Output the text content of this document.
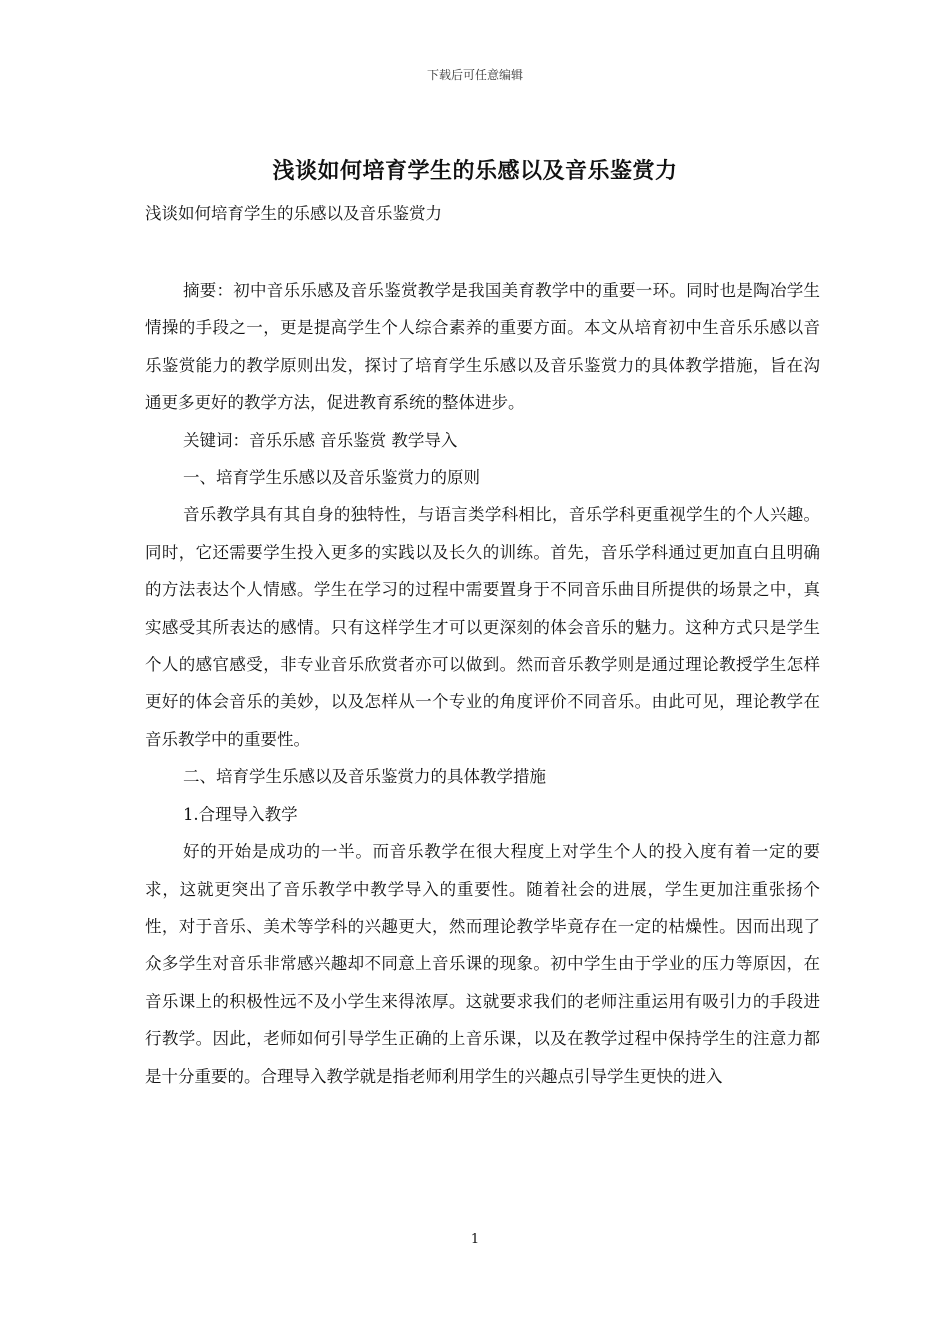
下载后可任意编辑
浅谈如何培育学生的乐感以及音乐鉴赏力
浅谈如何培育学生的乐感以及音乐鉴赏力

摘要：初中音乐乐感及音乐鉴赏教学是我国美育教学中的重要一环。同时也是陶冶学生情操的手段之一，更是提高学生个人综合素养的重要方面。本文从培育初中生音乐乐感以音乐鉴赏能力的教学原则出发，探讨了培育学生乐感以及音乐鉴赏力的具体教学措施，旨在沟通更多更好的教学方法，促进教育系统的整体进步。

关键词：音乐乐感 音乐鉴赏 教学导入

一、培育学生乐感以及音乐鉴赏力的原则

音乐教学具有其自身的独特性，与语言类学科相比，音乐学科更重视学生的个人兴趣。同时，它还需要学生投入更多的实践以及长久的训练。首先，音乐学科通过更加直白且明确的方法表达个人情感。学生在学习的过程中需要置身于不同音乐曲目所提供的场景之中，真实感受其所表达的感情。只有这样学生才可以更深刻的体会音乐的魅力。这种方式只是学生个人的感官感受，非专业音乐欣赏者亦可以做到。然而音乐教学则是通过理论教授学生怎样更好的体会音乐的美妙，以及怎样从一个专业的角度评价不同音乐。由此可见，理论教学在音乐教学中的重要性。

二、培育学生乐感以及音乐鉴赏力的具体教学措施

1.合理导入教学

好的开始是成功的一半。而音乐教学在很大程度上对学生个人的投入度有着一定的要求，这就更突出了音乐教学中教学导入的重要性。随着社会的进展，学生更加注重张扬个性，对于音乐、美术等学科的兴趣更大，然而理论教学毕竟存在一定的枯燥性。因而出现了众多学生对音乐非常感兴趣却不同意上音乐课的现象。初中学生由于学业的压力等原因，在音乐课上的积极性远不及小学生来得浓厚。这就要求我们的老师注重运用有吸引力的手段进行教学。因此，老师如何引导学生正确的上音乐课，以及在教学过程中保持学生的注意力都是十分重要的。合理导入教学就是指老师利用学生的兴趣点引导学生更快的进入

1
